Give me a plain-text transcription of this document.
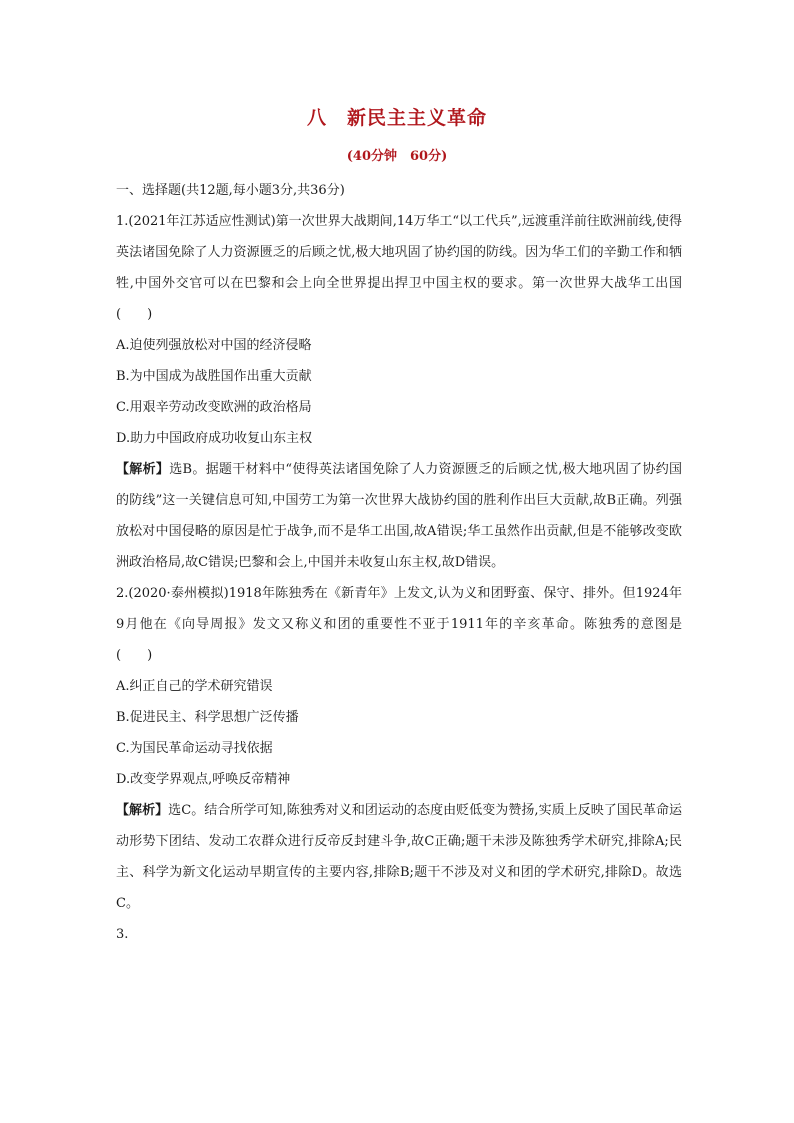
八　新民主主义革命
(40分钟　60分)

一、选择题(共12题,每小题3分,共36分)

1.(2021年江苏适应性测试)第一次世界大战期间,14万华工“以工代兵”,远渡重洋前往欧洲前线,使得英法诸国免除了人力资源匮乏的后顾之忧,极大地巩固了协约国的防线。因为华工们的辛勤工作和牺牲,中国外交官可以在巴黎和会上向全世界提出捍卫中国主权的要求。第一次世界大战华工出国　(　　)

A.迫使列强放松对中国的经济侵略

B.为中国成为战胜国作出重大贡献

C.用艰辛劳动改变欧洲的政治格局

D.助力中国政府成功收复山东主权

【解析】选B。据题干材料中“使得英法诸国免除了人力资源匮乏的后顾之忧,极大地巩固了协约国的防线”这一关键信息可知,中国劳工为第一次世界大战协约国的胜利作出巨大贡献,故B正确。列强放松对中国侵略的原因是忙于战争,而不是华工出国,故A错误;华工虽然作出贡献,但是不能够改变欧洲政治格局,故C错误;巴黎和会上,中国并未收复山东主权,故D错误。

2.(2020·泰州模拟)1918年陈独秀在《新青年》上发文,认为义和团野蛮、保守、排外。但1924年9月他在《向导周报》发文又称义和团的重要性不亚于1911年的辛亥革命。陈独秀的意图是　(　　)

A.纠正自己的学术研究错误

B.促进民主、科学思想广泛传播

C.为国民革命运动寻找依据

D.改变学界观点,呼唤反帝精神

【解析】选C。结合所学可知,陈独秀对义和团运动的态度由贬低变为赞扬,实质上反映了国民革命运动形势下团结、发动工农群众进行反帝反封建斗争,故C正确;题干未涉及陈独秀学术研究,排除A;民主、科学为新文化运动早期宣传的主要内容,排除B;题干不涉及对义和团的学术研究,排除D。故选C。

3.
